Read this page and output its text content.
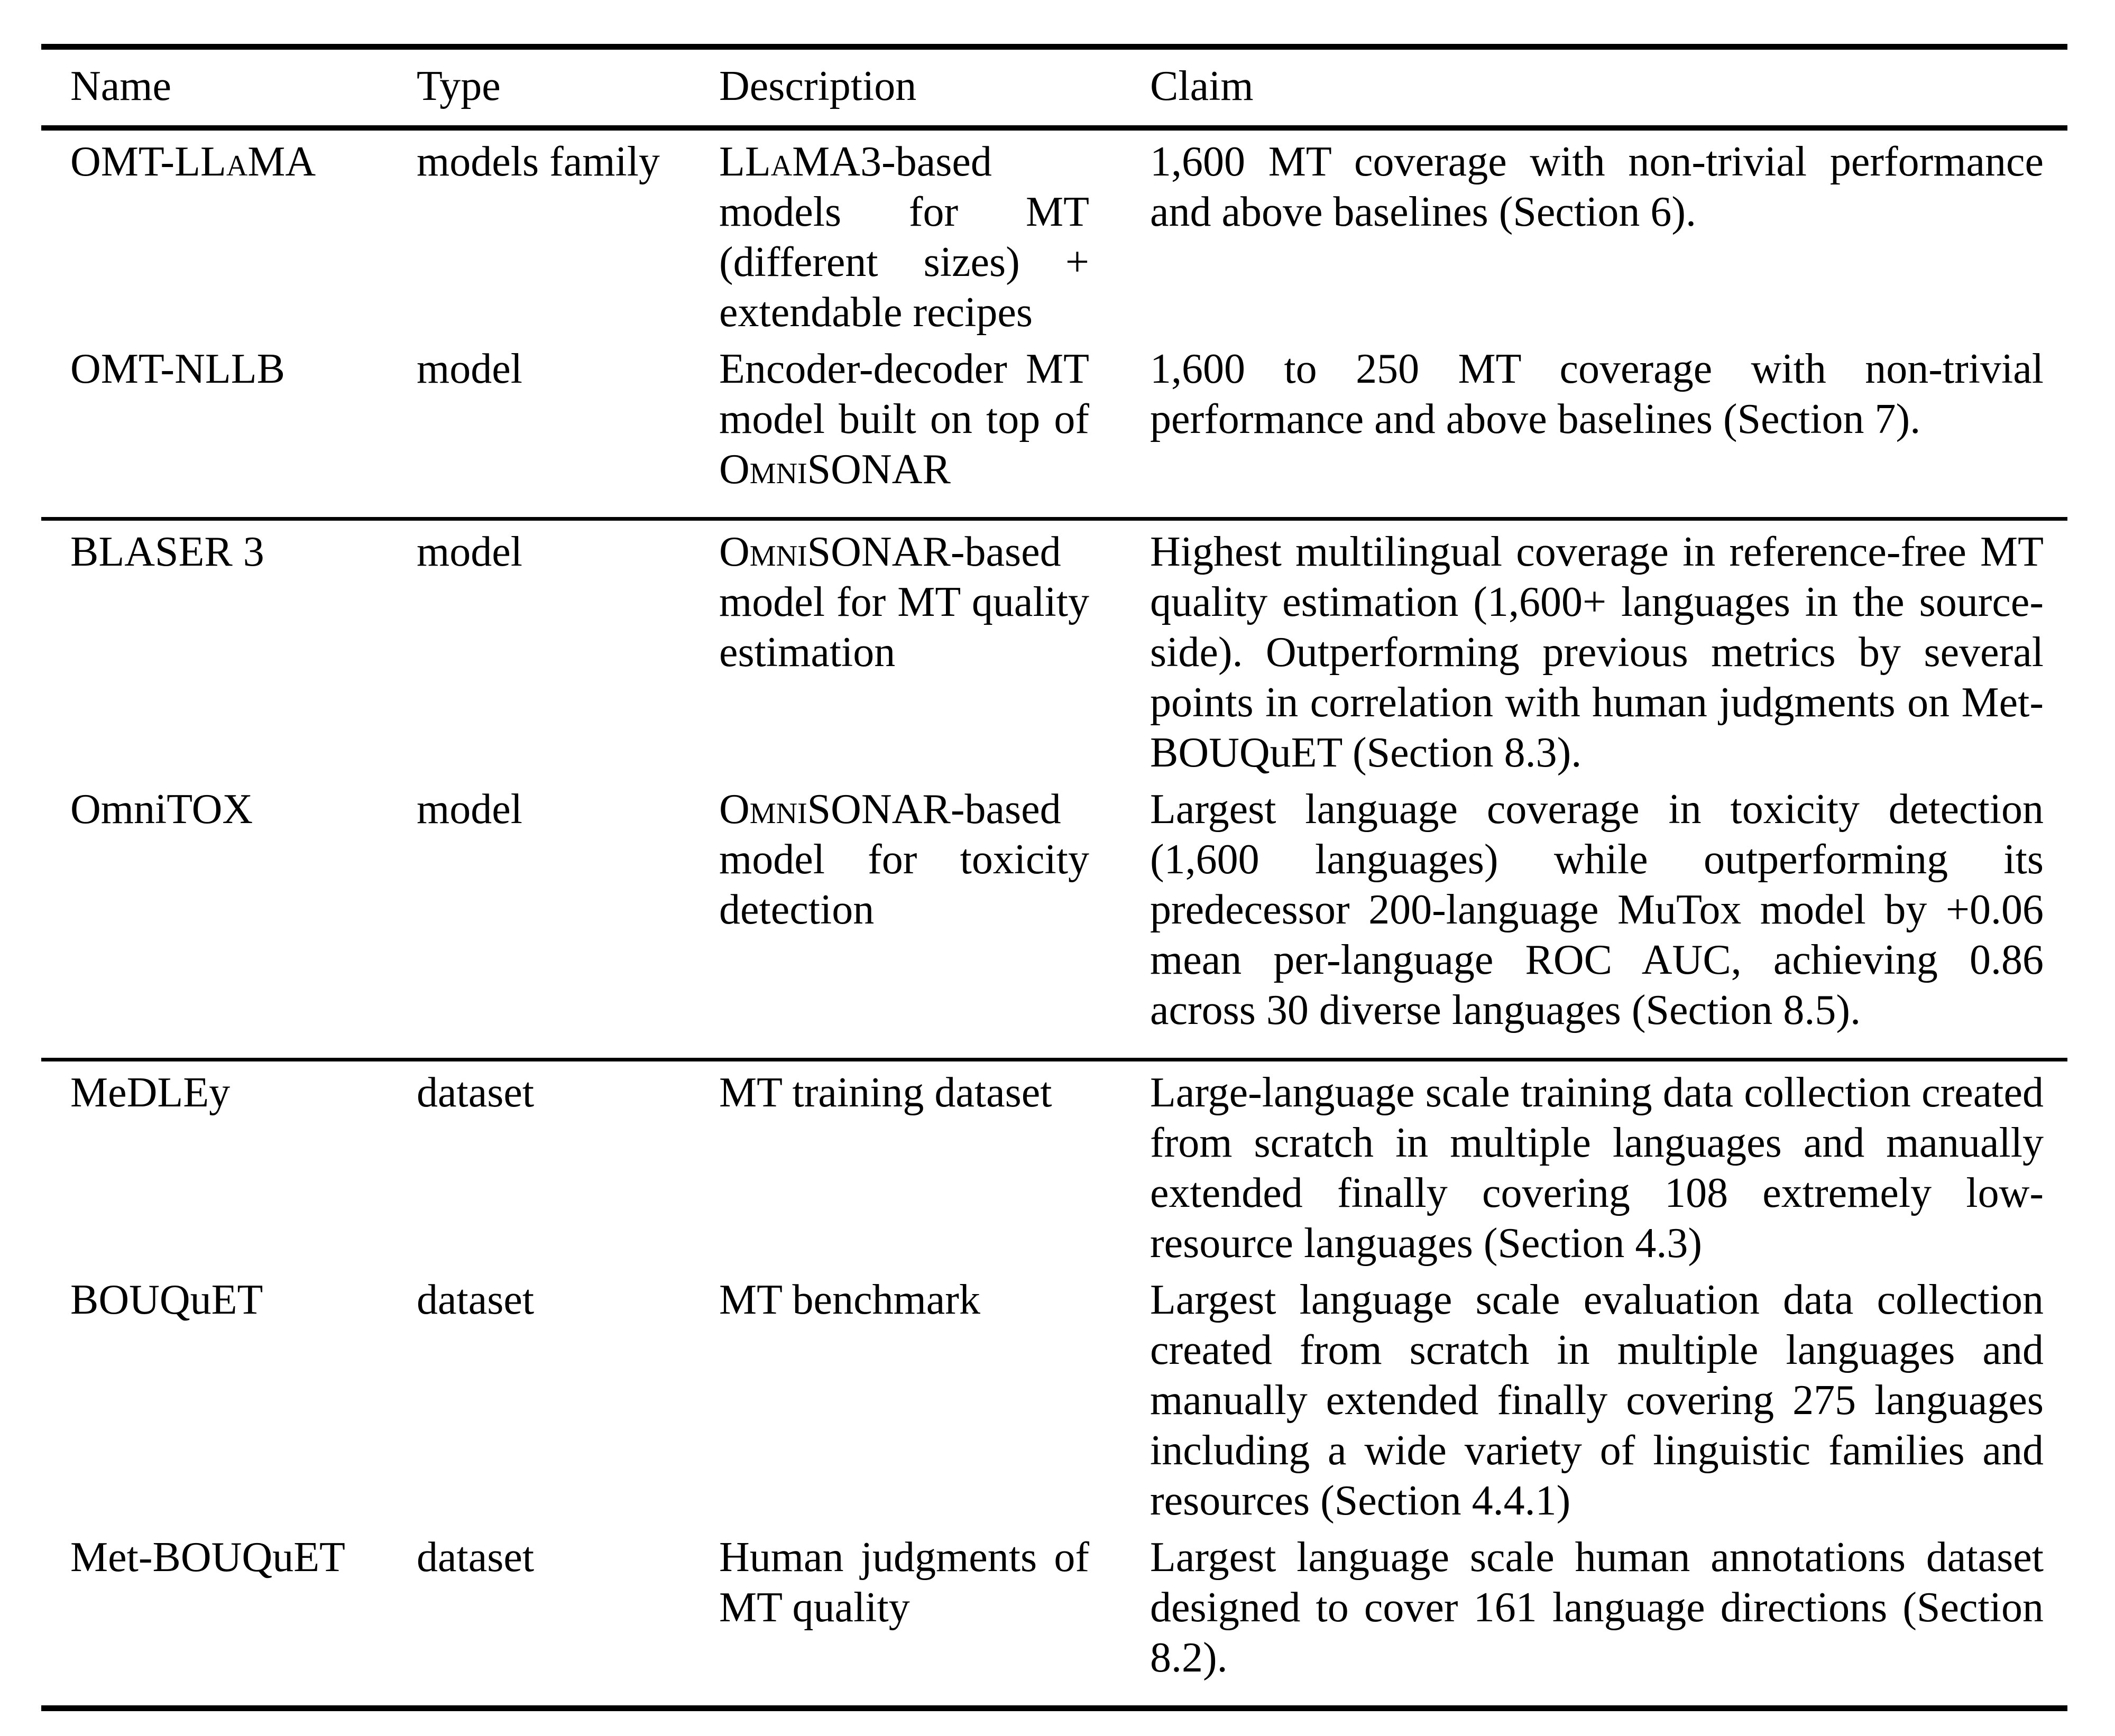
Name	Type	Description	Claim
OMT-LLaMA	models family	LLaMA3-based models for MT (different sizes) + extendable recipes	1,600 MT coverage with non-trivial performance and above baselines (Section 6).
OMT-NLLB	model	Encoder-decoder MT model built on top of OmniSONAR	1,600 to 250 MT coverage with non-trivial performance and above baselines (Section 7).
BLASER 3	model	OmniSONAR-based model for MT quality estimation	Highest multilingual coverage in reference-free MT quality estimation (1,600+ languages in the source-side). Outperforming previous metrics by several points in correlation with human judgments on Met-BOUQuET (Section 8.3).
OmniTOX	model	OmniSONAR-based model for toxicity detection	Largest language coverage in toxicity detection (1,600 languages) while outperforming its predecessor 200-language MuTox model by +0.06 mean per-language ROC AUC, achieving 0.86 across 30 diverse languages (Section 8.5).
MeDLEy	dataset	MT training dataset	Large-language scale training data collection created from scratch in multiple languages and manually extended finally covering 108 extremely low-resource languages (Section 4.3)
BOUQuET	dataset	MT benchmark	Largest language scale evaluation data collection created from scratch in multiple languages and manually extended finally covering 275 languages including a wide variety of linguistic families and resources (Section 4.4.1)
Met-BOUQuET	dataset	Human judgments of MT quality	Largest language scale human annotations dataset designed to cover 161 language directions (Section 8.2).
